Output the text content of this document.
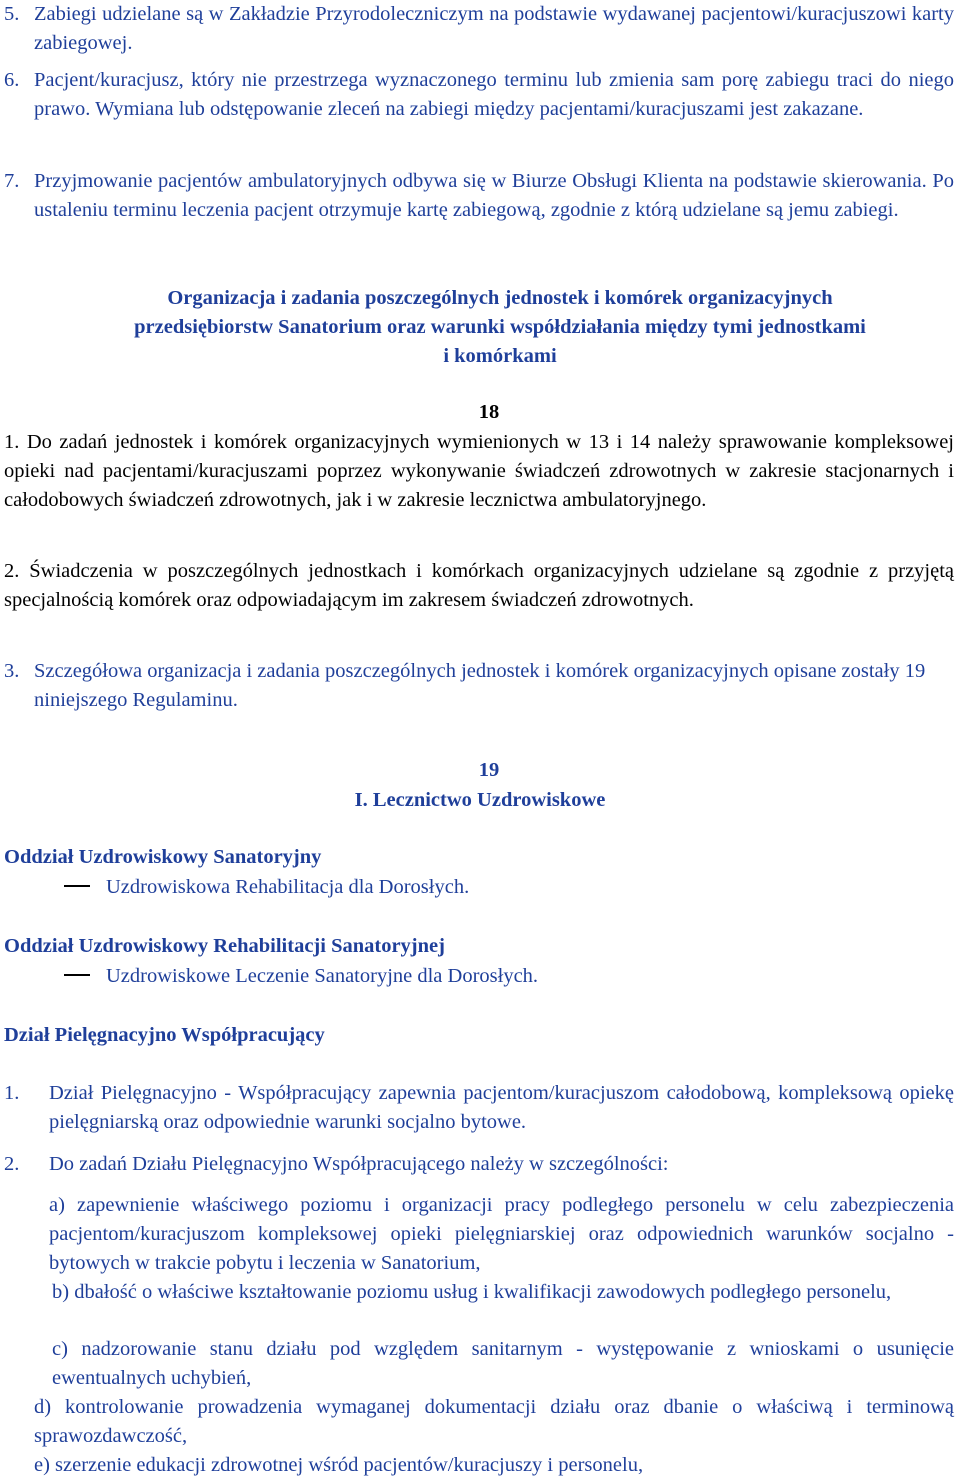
5. Zabiegi udzielane są w Zakładzie Przyrodoleczniczym na podstawie wydawanej pacjentowi/kuracjuszowi karty zabiegowej.
6. Pacjent/kuracjusz, który nie przestrzega wyznaczonego terminu lub zmienia sam porę zabiegu traci do niego prawo. Wymiana lub odstępowanie zleceń na zabiegi między pacjentami/kuracjuszami jest zakazane.
7. Przyjmowanie pacjentów ambulatoryjnych odbywa się w Biurze Obsługi Klienta na podstawie skierowania. Po ustaleniu terminu leczenia pacjent otrzymuje kartę zabiegową, zgodnie z którą udzielane są jemu zabiegi.
Organizacja i zadania poszczególnych jednostek i komórek organizacyjnych
przedsiębiorstw Sanatorium oraz warunki współdziałania między tymi jednostkami
i komórkami
18
1. Do zadań jednostek i komórek organizacyjnych wymienionych w 13 i 14 należy sprawowanie kompleksowej opieki nad pacjentami/kuracjuszami poprzez wykonywanie świadczeń zdrowotnych w zakresie stacjonarnych i całodobowych świadczeń zdrowotnych, jak i w zakresie lecznictwa ambulatoryjnego.
2. Świadczenia w poszczególnych jednostkach i komórkach organizacyjnych udzielane są zgodnie z przyjętą specjalnością komórek oraz odpowiadającym im zakresem świadczeń zdrowotnych.
3. Szczegółowa organizacja i zadania poszczególnych jednostek i komórek organizacyjnych opisane zostały 19 niniejszego Regulaminu.
19
I. Lecznictwo Uzdrowiskowe
Oddział Uzdrowiskowy Sanatoryjny
Uzdrowiskowa Rehabilitacja dla Dorosłych.
Oddział Uzdrowiskowy Rehabilitacji Sanatoryjnej
Uzdrowiskowe Leczenie Sanatoryjne dla Dorosłych.
Dział Pielęgnacyjno Współpracujący
1.	Dział Pielęgnacyjno - Współpracujący zapewnia pacjentom/kuracjuszom całodobową, kompleksową opiekę pielęgniarską oraz odpowiednie warunki socjalno bytowe.
2.	Do zadań Działu Pielęgnacyjno Współpracującego należy w szczególności:
a) zapewnienie właściwego poziomu i organizacji pracy podległego personelu w celu zabezpieczenia pacjentom/kuracjuszom kompleksowej opieki pielęgniarskiej oraz odpowiednich warunków socjalno - bytowych w trakcie pobytu i leczenia w Sanatorium,
b) dbałość o właściwe kształtowanie poziomu usług i kwalifikacji zawodowych podległego personelu,
c) nadzorowanie stanu działu pod względem sanitarnym - występowanie z wnioskami o usunięcie ewentualnych uchybień,
d) kontrolowanie prowadzenia wymaganej dokumentacji działu oraz dbanie o właściwą i terminową sprawozdawczość,
e) szerzenie edukacji zdrowotnej wśród pacjentów/kuracjuszy i personelu,
